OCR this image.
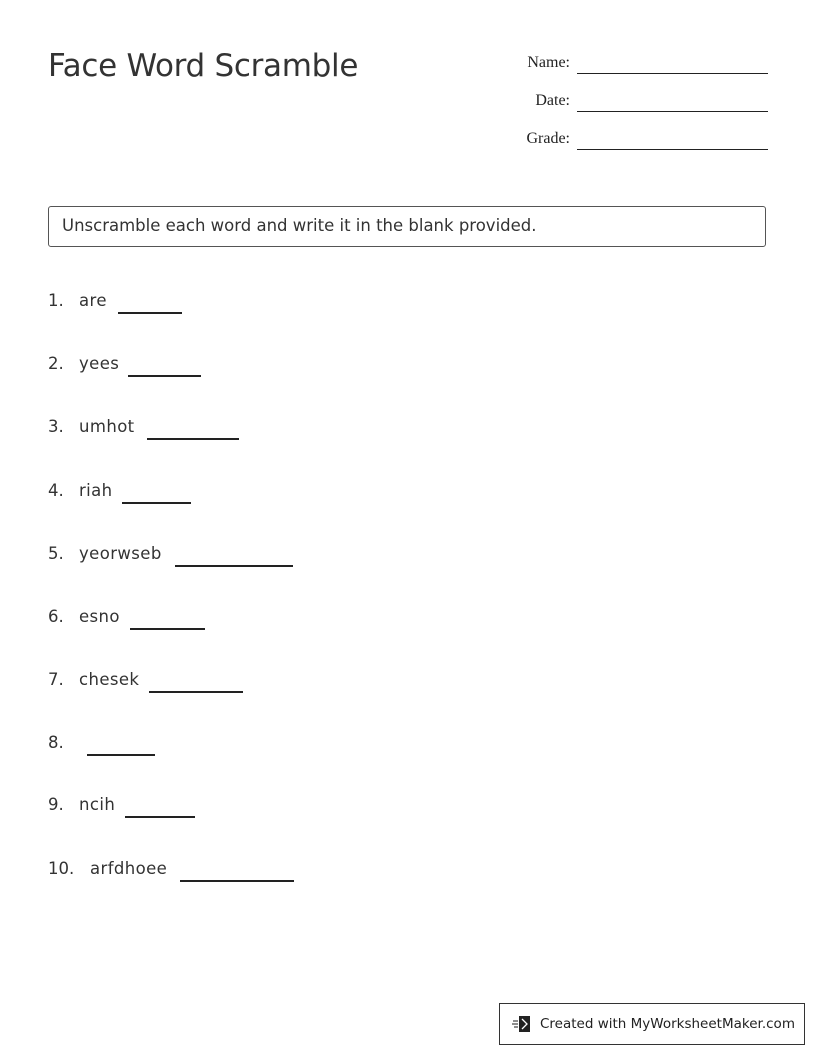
Face Word Scramble	Name:
Date:
Grade:
Unscramble each word and write it in the blank provided.
1. are
2. yees
3. umhot
4. riah
5. yeorwseb
6. esno
7. chesek
8.
9. ncih
10. arfdhoee
Created with MyWorksheetMaker.com
